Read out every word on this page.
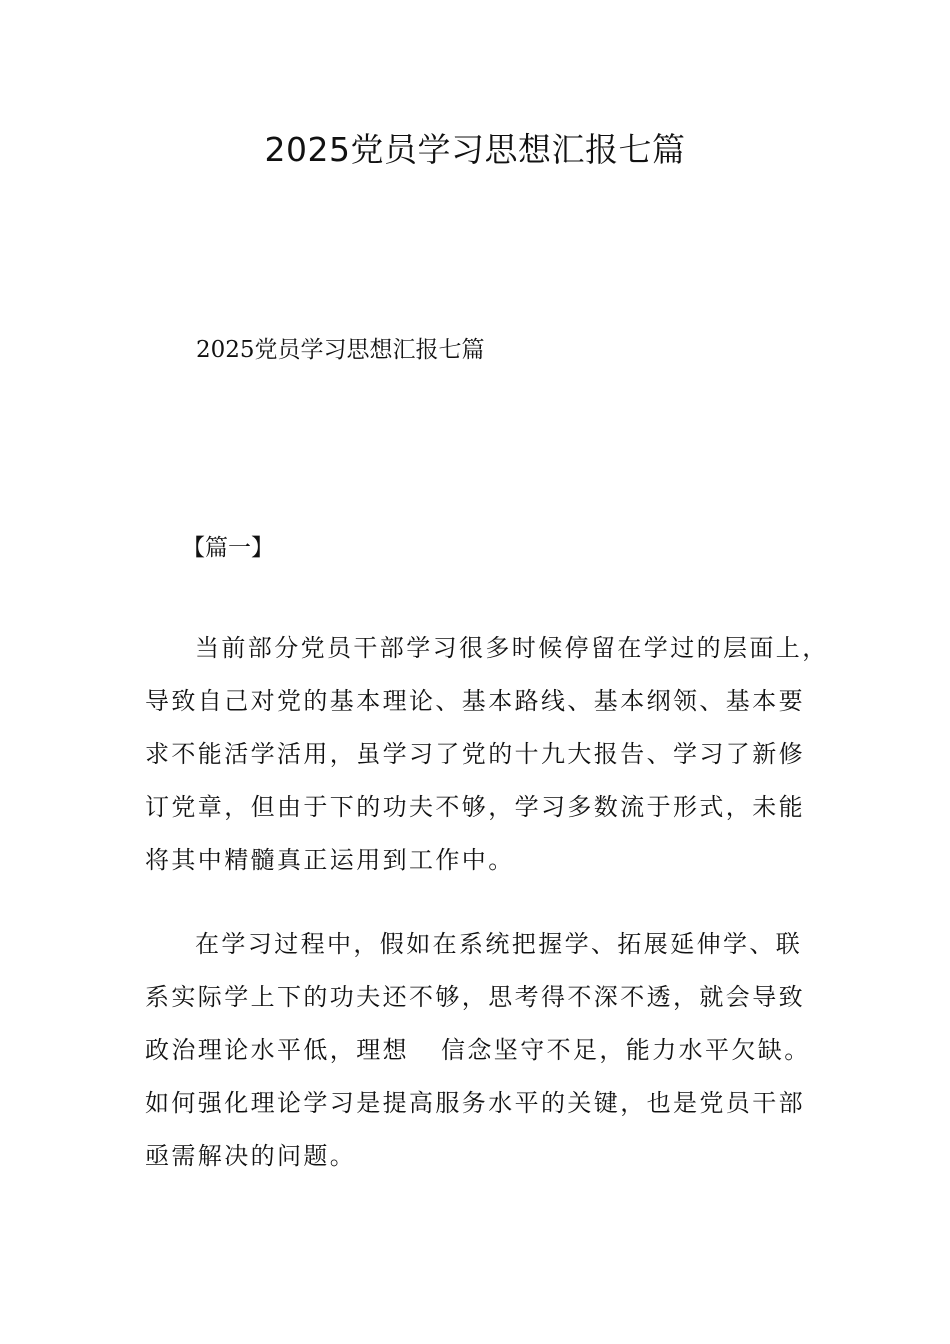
2025党员学习思想汇报七篇

2025党员学习思想汇报七篇

【篇一】

当前部分党员干部学习很多时候停留在学过的层面上，
导致自己对党的基本理论、基本路线、基本纲领、基本要
求不能活学活用，虽学习了党的十九大报告、学习了新修
订党章，但由于下的功夫不够，学习多数流于形式，未能
将其中精髓真正运用到工作中。
在学习过程中，假如在系统把握学、拓展延伸学、联
系实际学上下的功夫还不够，思考得不深不透，就会导致
政治理论水平低，理想 信念坚守不足，能力水平欠缺。
如何强化理论学习是提高服务水平的关键，也是党员干部
亟需解决的问题。
